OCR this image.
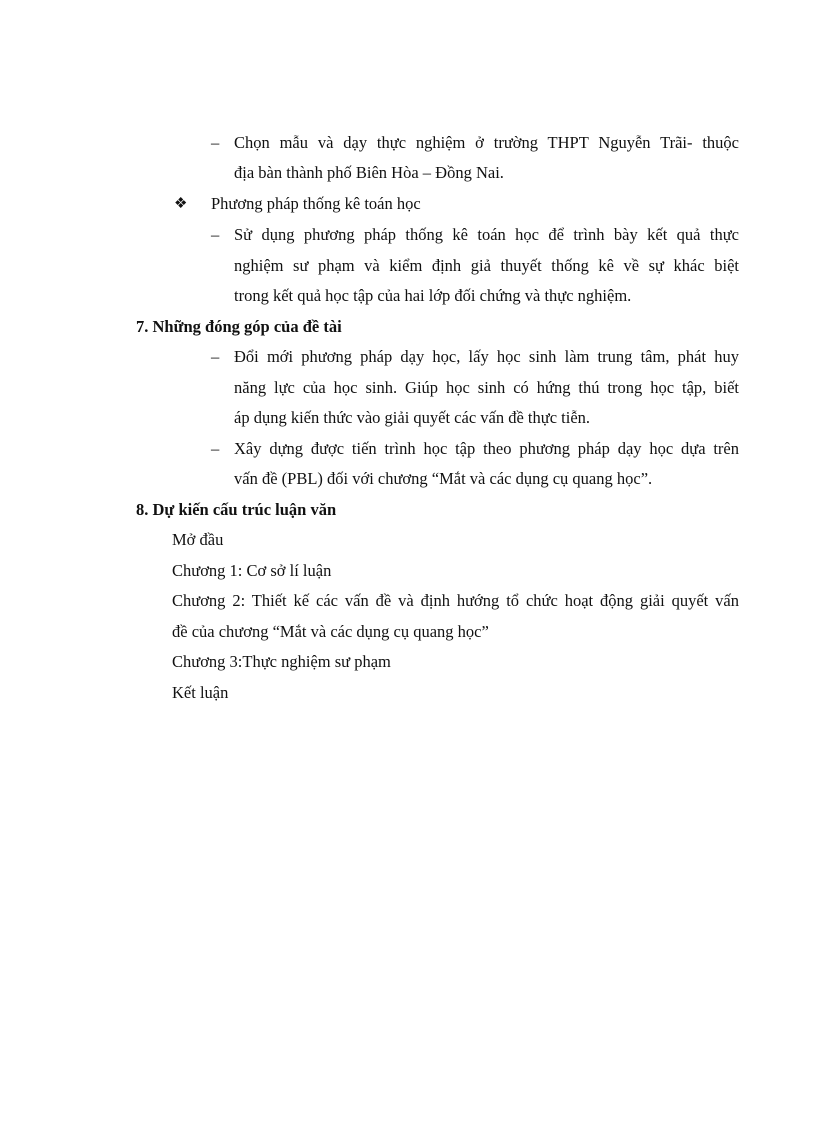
– Chọn mẫu và dạy thực nghiệm ở trường THPT Nguyễn Trãi- thuộc
địa bàn thành phố Biên Hòa – Đồng Nai.
❖ Phương pháp thống kê toán học
– Sử dụng phương pháp thống kê toán học để trình bày kết quả thực
nghiệm sư phạm và kiểm định giả thuyết thống kê về sự khác biệt
trong kết quả học tập của hai lớp đối chứng và thực nghiệm.
7. Những đóng góp của đề tài
– Đổi mới phương pháp dạy học, lấy học sinh làm trung tâm, phát huy
năng lực của học sinh. Giúp học sinh có hứng thú trong học tập, biết
áp dụng kiến thức vào giải quyết các vấn đề thực tiễn.
– Xây dựng được tiến trình học tập theo phương pháp dạy học dựa trên
vấn đề (PBL) đối với chương “Mắt và các dụng cụ quang học”.
8. Dự kiến cấu trúc luận văn
Mở đầu
Chương 1: Cơ sở lí luận
Chương 2: Thiết kế các vấn đề và định hướng tổ chức hoạt động giải quyết vấn
đề của chương “Mắt và các dụng cụ quang học”
Chương 3:Thực nghiệm sư phạm
Kết luận
